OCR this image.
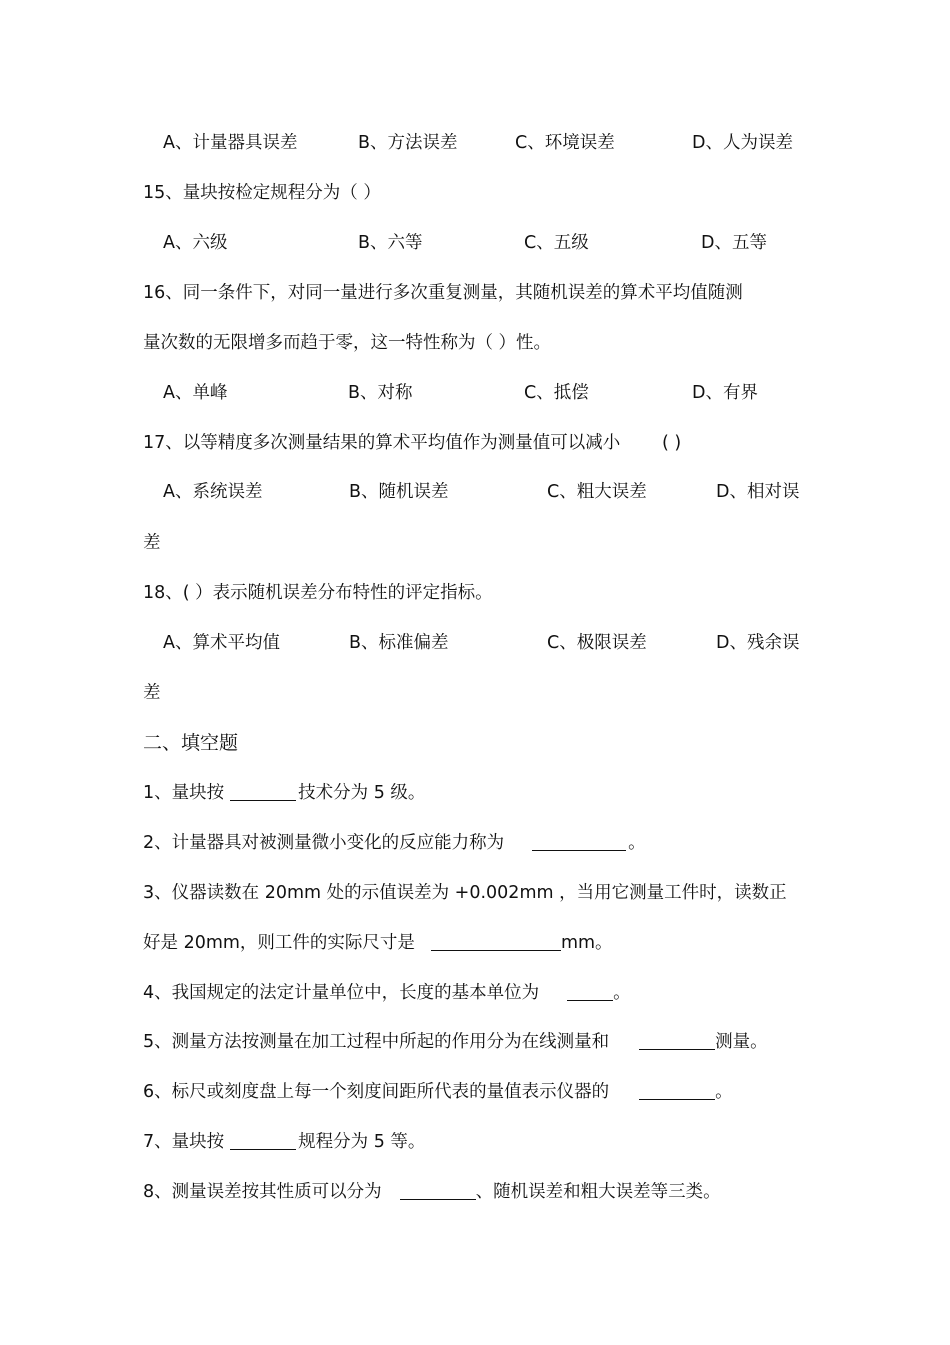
A、计量器具误差	B、方法误差	C、环境误差	D、人为误差
15、量块按检定规程分为（ ）
A、六级	B、六等	C、五级	D、五等
16、同一条件下，对同一量进行多次重复测量，其随机误差的算术平均值随测
量次数的无限增多而趋于零，这一特性称为（ ）性。
A、单峰	B、对称	C、抵偿	D、有界
17、以等精度多次测量结果的算术平均值作为测量值可以减小 ( )
A、系统误差	B、随机误差	C、粗大误差	D、相对误
差
18、( ）表示随机误差分布特性的评定指标。
A、算术平均值	B、标准偏差	C、极限误差	D、残余误
差
二、填空题
1、量块按	技术分为 5 级。
2、计量器具对被测量微小变化的反应能力称为	。
3、仪器读数在 20mm 处的示值误差为 +0.002mm ，当用它测量工件时，读数正
好是 20mm，则工件的实际尺寸是	mm。
4、我国规定的法定计量单位中，长度的基本单位为	。
5、测量方法按测量在加工过程中所起的作用分为在线测量和	测量。
6、标尺或刻度盘上每一个刻度间距所代表的量值表示仪器的	。
7、量块按	规程分为 5 等。
8、测量误差按其性质可以分为	、随机误差和粗大误差等三类。
